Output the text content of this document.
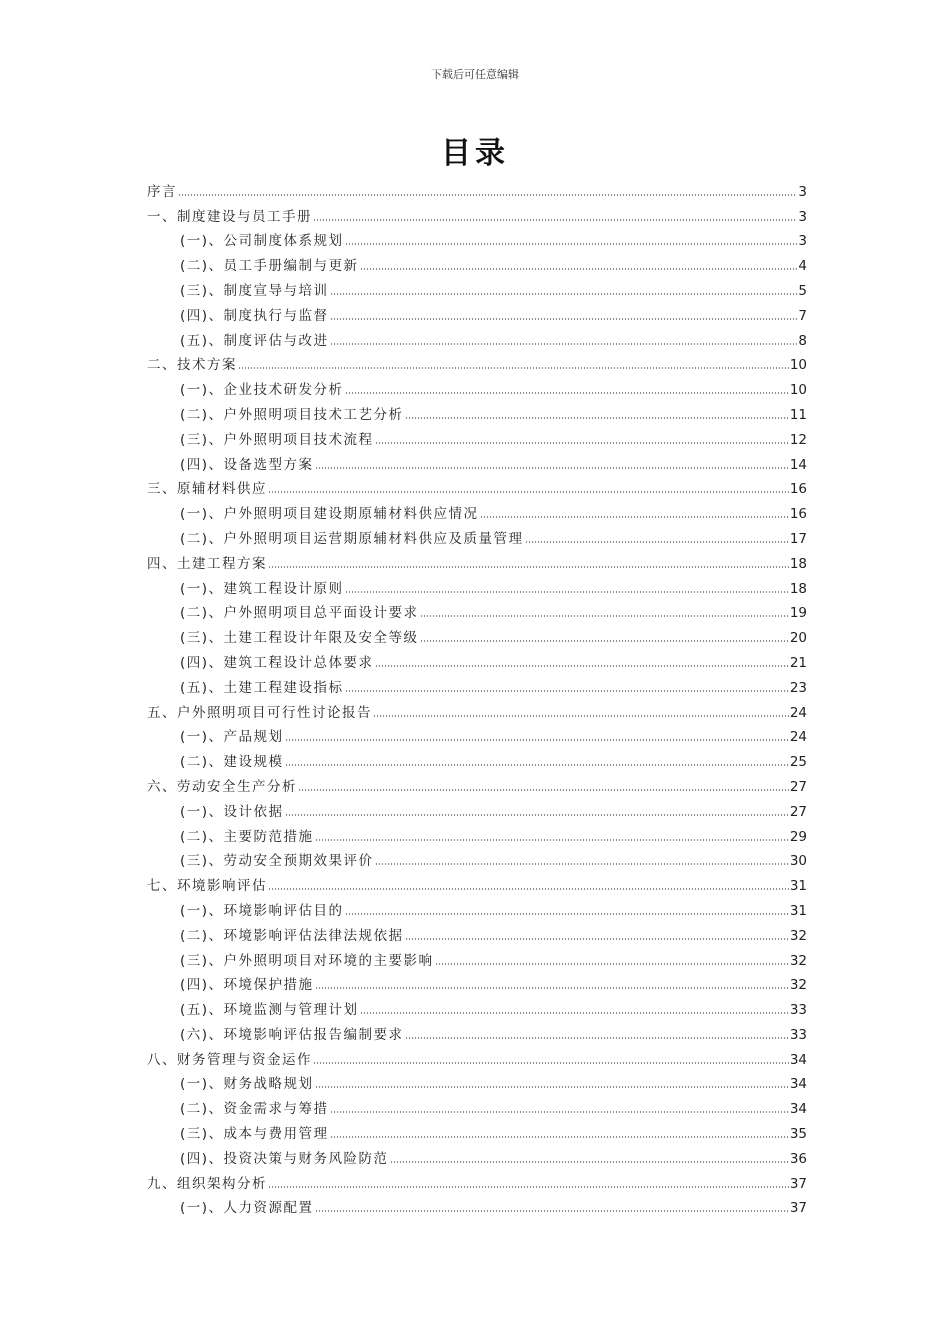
下载后可任意编辑
目录
序言	3
一、制度建设与员工手册	3
(一)、公司制度体系规划	3
(二)、员工手册编制与更新	4
(三)、制度宣导与培训	5
(四)、制度执行与监督	7
(五)、制度评估与改进	8
二、技术方案	10
(一)、企业技术研发分析	10
(二)、户外照明项目技术工艺分析	11
(三)、户外照明项目技术流程	12
(四)、设备选型方案	14
三、原辅材料供应	16
(一)、户外照明项目建设期原辅材料供应情况	16
(二)、户外照明项目运营期原辅材料供应及质量管理	17
四、土建工程方案	18
(一)、建筑工程设计原则	18
(二)、户外照明项目总平面设计要求	19
(三)、土建工程设计年限及安全等级	20
(四)、建筑工程设计总体要求	21
(五)、土建工程建设指标	23
五、户外照明项目可行性讨论报告	24
(一)、产品规划	24
(二)、建设规模	25
六、劳动安全生产分析	27
(一)、设计依据	27
(二)、主要防范措施	29
(三)、劳动安全预期效果评价	30
七、环境影响评估	31
(一)、环境影响评估目的	31
(二)、环境影响评估法律法规依据	32
(三)、户外照明项目对环境的主要影响	32
(四)、环境保护措施	32
(五)、环境监测与管理计划	33
(六)、环境影响评估报告编制要求	33
八、财务管理与资金运作	34
(一)、财务战略规划	34
(二)、资金需求与筹措	34
(三)、成本与费用管理	35
(四)、投资决策与财务风险防范	36
九、组织架构分析	37
(一)、人力资源配置	37
